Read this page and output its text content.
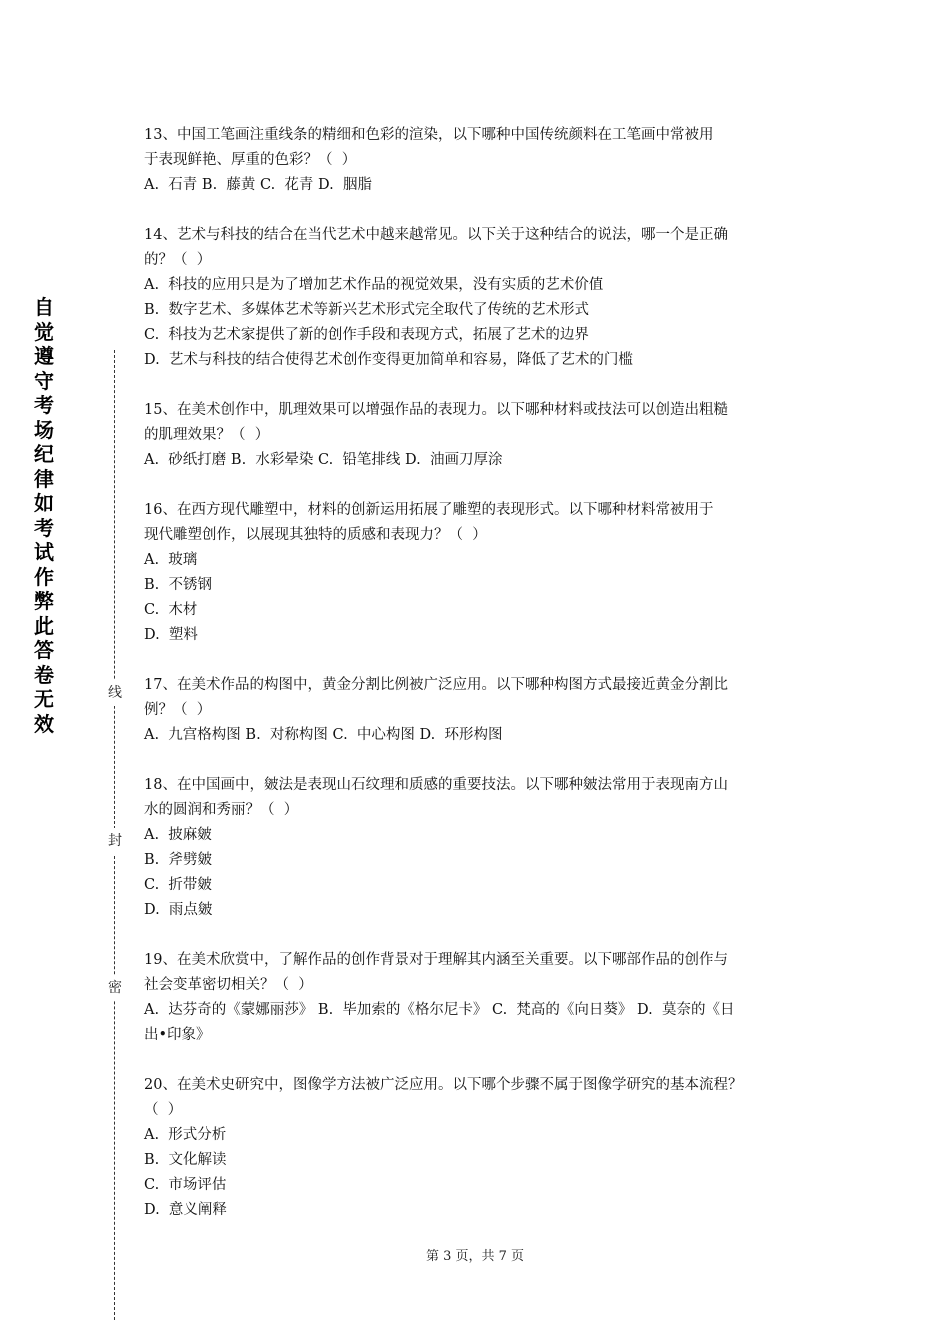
自觉遵守考场纪律如考试作弊此答卷无效
线
封
密

13、中国工笔画注重线条的精细和色彩的渲染，以下哪种中国传统颜料在工笔画中常被用

于表现鲜艳、厚重的色彩？（  ）

A.  石青 B.  藤黄 C.  花青 D.  胭脂

14、艺术与科技的结合在当代艺术中越来越常见。以下关于这种结合的说法，哪一个是正确

的？（  ）

A.  科技的应用只是为了增加艺术作品的视觉效果，没有实质的艺术价值

B.  数字艺术、多媒体艺术等新兴艺术形式完全取代了传统的艺术形式

C.  科技为艺术家提供了新的创作手段和表现方式，拓展了艺术的边界

D.  艺术与科技的结合使得艺术创作变得更加简单和容易，降低了艺术的门槛

15、在美术创作中，肌理效果可以增强作品的表现力。以下哪种材料或技法可以创造出粗糙

的肌理效果？（  ）

A.  砂纸打磨 B.  水彩晕染 C.  铅笔排线 D.  油画刀厚涂

16、在西方现代雕塑中，材料的创新运用拓展了雕塑的表现形式。以下哪种材料常被用于

现代雕塑创作，以展现其独特的质感和表现力？（  ）

A.  玻璃

B.  不锈钢

C.  木材

D.  塑料

17、在美术作品的构图中，黄金分割比例被广泛应用。以下哪种构图方式最接近黄金分割比

例？（  ）

A.  九宫格构图 B.  对称构图 C.  中心构图 D.  环形构图

18、在中国画中，皴法是表现山石纹理和质感的重要技法。以下哪种皴法常用于表现南方山

水的圆润和秀丽？（  ）

A.  披麻皴

B.  斧劈皴

C.  折带皴

D.  雨点皴

19、在美术欣赏中，了解作品的创作背景对于理解其内涵至关重要。以下哪部作品的创作与

社会变革密切相关？（  ）

A.  达芬奇的《蒙娜丽莎》 B.  毕加索的《格尔尼卡》 C.  梵高的《向日葵》 D.  莫奈的《日

出•印象》

20、在美术史研究中，图像学方法被广泛应用。以下哪个步骤不属于图像学研究的基本流程？

（  ）

A.  形式分析

B.  文化解读

C.  市场评估

D.  意义阐释

第 3 页，共 7 页
